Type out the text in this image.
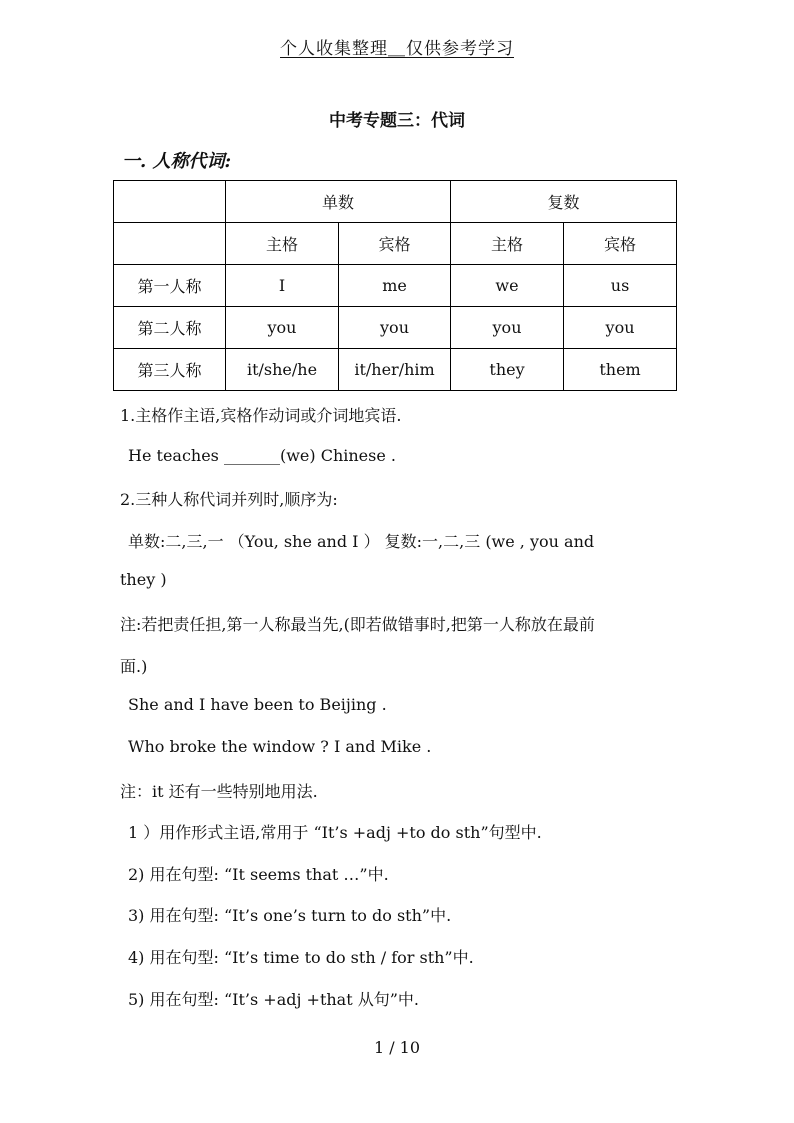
个人收集整理＿仅供参考学习
中考专题三：代词
一. 人称代词:
	单数		复数	
	主格	宾格	主格	宾格
第一人称	I	me	we	us
第二人称	you	you	you	you
第三人称	it/she/he	it/her/him	they	them
1.主格作主语,宾格作动词或介词地宾语.
He teaches _______(we) Chinese .
2.三种人称代词并列时,顺序为:
单数:二,三,一 （You, she and I ） 复数:一,二,三 (we , you and
they )
注:若把责任担,第一人称最当先,(即若做错事时,把第一人称放在最前
面.)
She and I have been to Beijing .
Who broke the window ? I and Mike .
注：it 还有一些特别地用法.
1 ）用作形式主语,常用于 “It’s +adj +to do sth”句型中.
2) 用在句型: “It seems that …”中.
3) 用在句型: “It’s one’s turn to do sth”中.
4) 用在句型: “It’s time to do sth / for sth”中.
5) 用在句型: “It’s +adj +that 从句”中.
1 / 10
